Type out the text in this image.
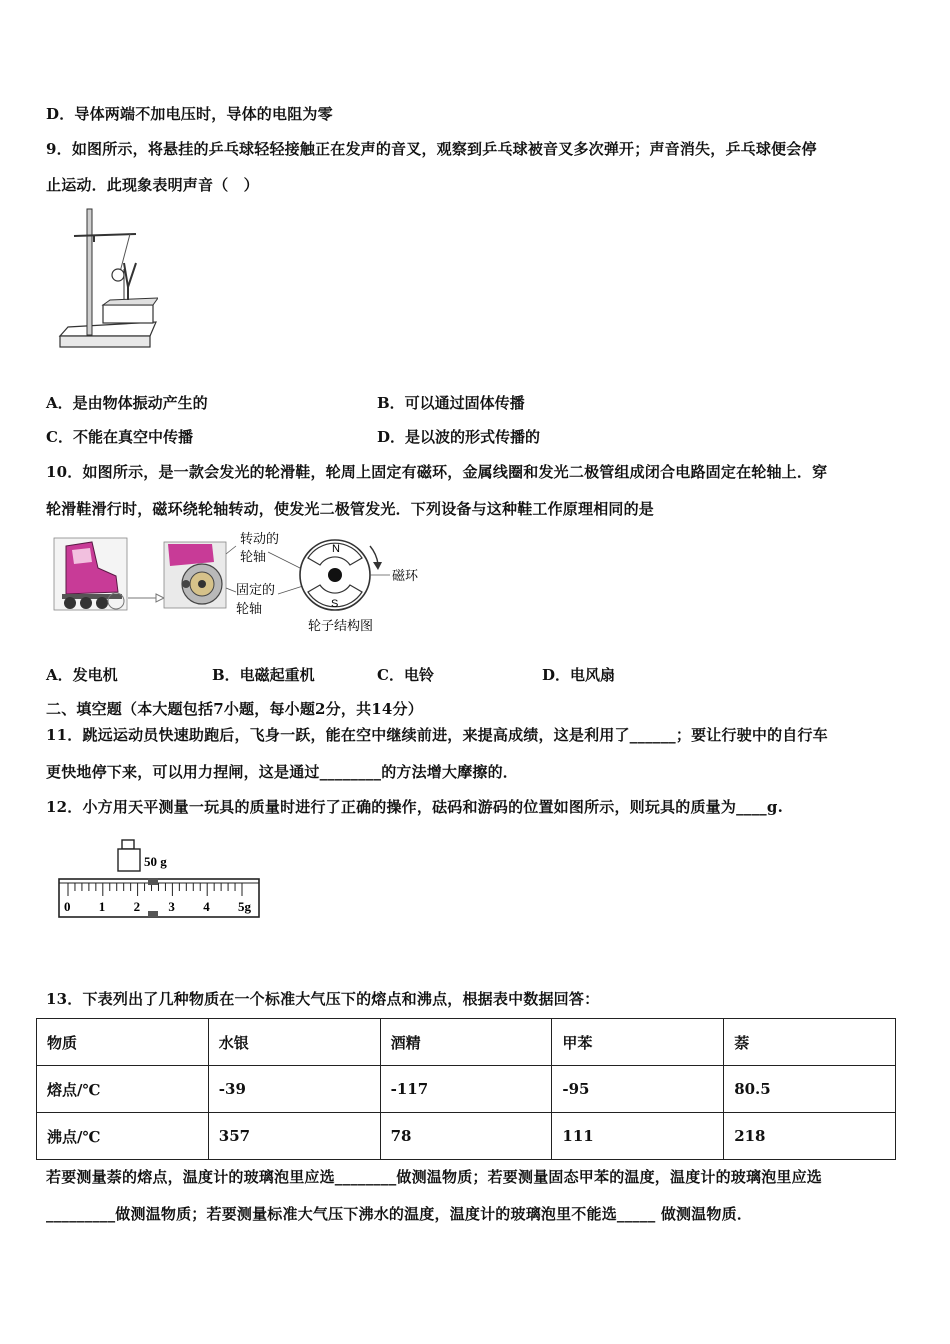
D．导体两端不加电压时，导体的电阻为零
9．如图所示，将悬挂的乒乓球轻轻接触正在发声的音叉，观察到乒乓球被音叉多次弹开；声音消失，乒乓球便会停
止运动．此现象表明声音（　）
A．是由物体振动产生的	B．可以通过固体传播
C．不能在真空中传播	D．是以波的形式传播的
10．如图所示，是一款会发光的轮滑鞋，轮周上固定有磁环，金属线圈和发光二极管组成闭合电路固定在轮轴上．穿
轮滑鞋滑行时，磁环绕轮轴转动，使发光二极管发光．下列设备与这种鞋工作原理相同的是
N
S
转动的
轮轴
固定的
轮轴
磁环
轮子结构图
A．发电机	B．电磁起重机	C．电铃	D．电风扇
二、填空题（本大题包括7小题，每小题2分，共14分）
11．跳远运动员快速助跑后，飞身一跃，能在空中继续前进，来提高成绩，这是利用了______；要让行驶中的自行车
更快地停下来，可以用力捏闸，这是通过________的方法增大摩擦的．
12．小方用天平测量一玩具的质量时进行了正确的操作，砝码和游码的位置如图所示，则玩具的质量为____g.
50 g
0 1 2 3 4 5g
13．下表列出了几种物质在一个标准大气压下的熔点和沸点，根据表中数据回答：
物质	水银	酒精	甲苯	萘
熔点/℃	-39	-117	-95	80.5
沸点/℃	357	78	111	218
若要测量萘的熔点，温度计的玻璃泡里应选________做测温物质；若要测量固态甲苯的温度，温度计的玻璃泡里应选
_________做测温物质；若要测量标准大气压下沸水的温度，温度计的玻璃泡里不能选_____ 做测温物质．
